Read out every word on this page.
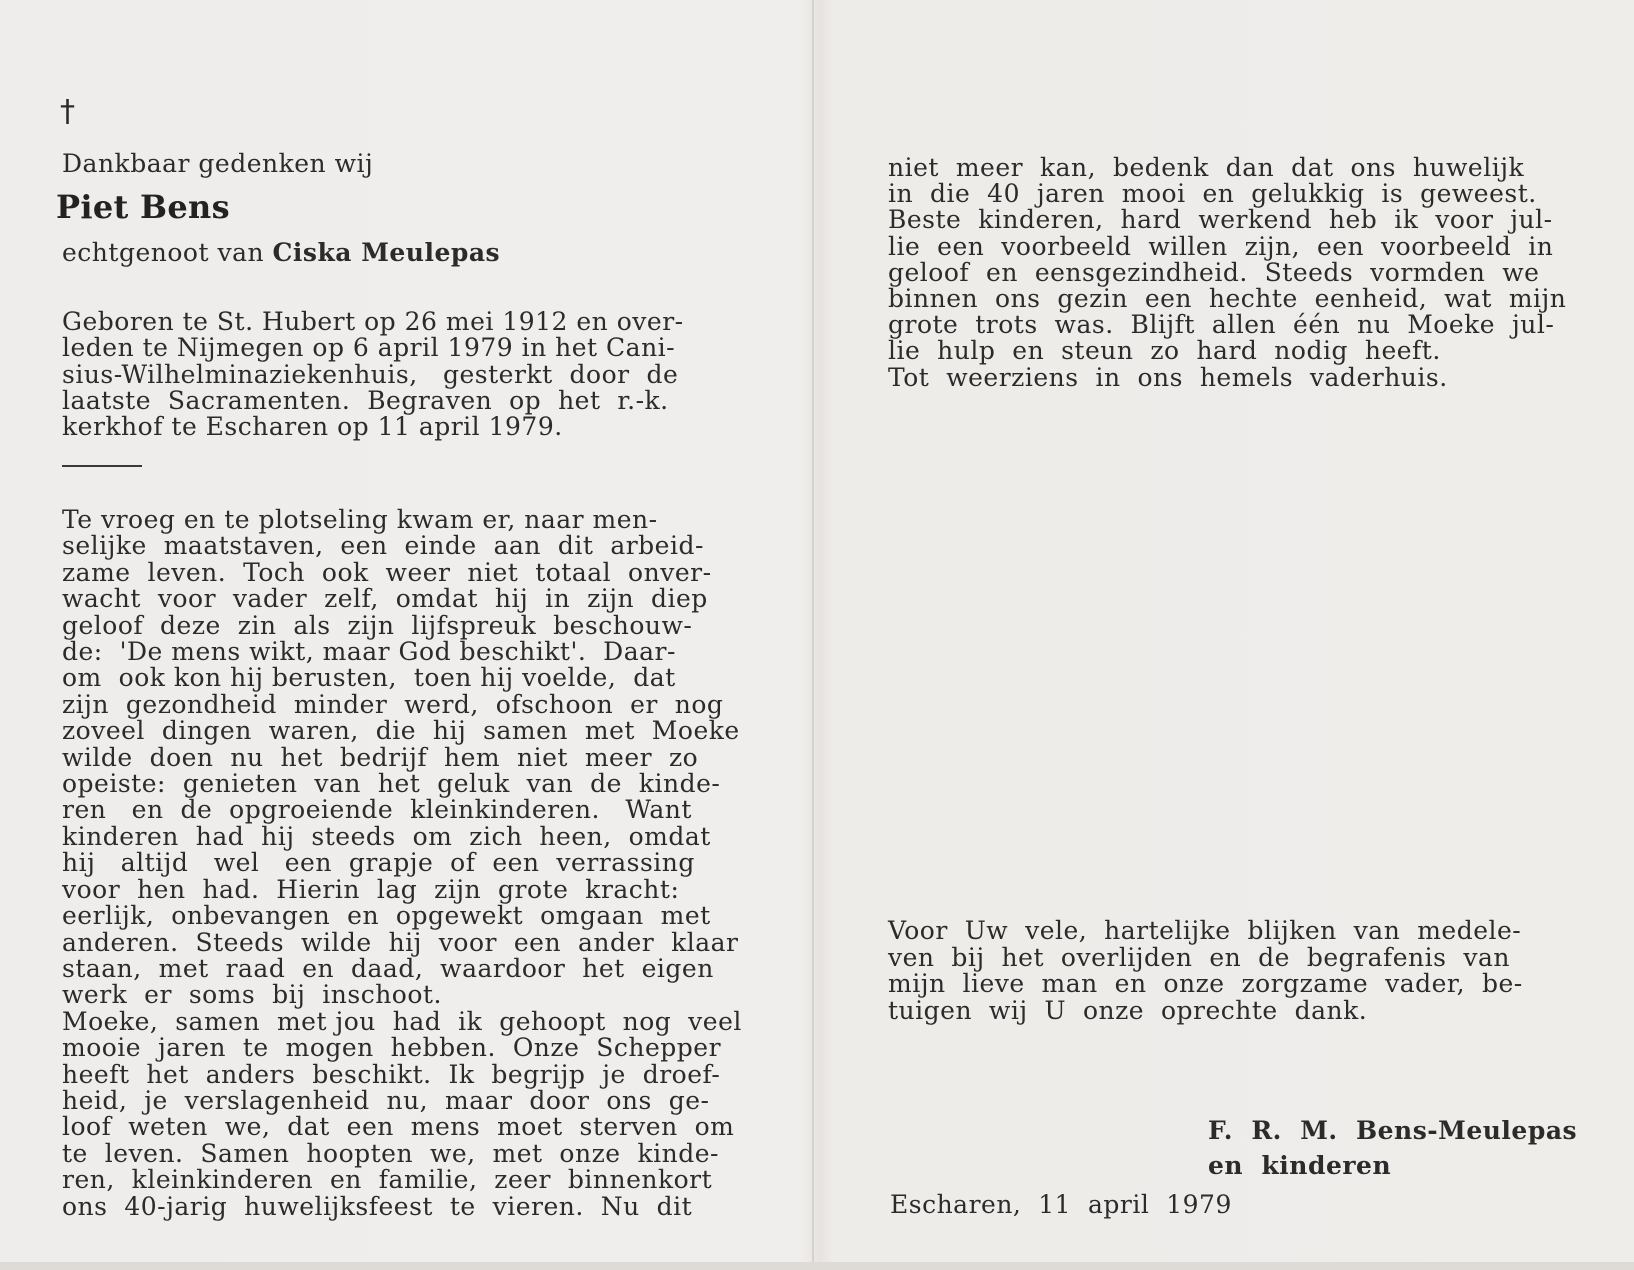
†
Dankbaar gedenken wij
Piet Bens
echtgenoot van Ciska Meulepas

Geboren te St. Hubert op 26 mei 1912 en over-
leden te Nijmegen op 6 april 1979 in het Cani-
sius-Wilhelminaziekenhuis,   gesterkt  door  de
laatste  Sacramenten.  Begraven  op  het  r.-k.
kerkhof te Escharen op 11 april 1979.

Te vroeg en te plotseling kwam er, naar men-
selijke  maatstaven,  een  einde  aan  dit  arbeid-
zame  leven.  Toch  ook  weer  niet  totaal  onver-
wacht  voor  vader  zelf,  omdat  hij  in  zijn  diep
geloof  deze  zin  als  zijn  lijfspreuk  beschouw-
de:  'De mens wikt, maar God beschikt'.  Daar-
om  ook kon hij berusten,  toen hij voelde,  dat
zijn  gezondheid  minder  werd,  ofschoon  er  nog
zoveel  dingen  waren,  die  hij  samen  met  Moeke
wilde  doen  nu  het  bedrijf  hem  niet  meer  zo
opeiste:  genieten  van  het  geluk  van  de  kinde-
ren   en  de  opgroeiende  kleinkinderen.   Want
kinderen  had  hij  steeds  om  zich  heen,  omdat
hij   altijd   wel   een  grapje  of  een  verrassing
voor  hen  had.  Hierin  lag  zijn  grote  kracht:
eerlijk,  onbevangen  en  opgewekt  omgaan  met
anderen.  Steeds  wilde  hij  voor  een  ander  klaar
staan,  met  raad  en  daad,  waardoor  het  eigen
werk  er  soms  bij  inschoot.
Moeke,  samen  met jou  had  ik  gehoopt  nog  veel
mooie  jaren  te  mogen  hebben.  Onze  Schepper
heeft  het  anders  beschikt.  Ik  begrijp  je  droef-
heid,  je  verslagenheid  nu,  maar  door  ons  ge-
loof  weten  we,  dat  een  mens  moet  sterven  om
te  leven.  Samen  hoopten  we,  met  onze  kinde-
ren,  kleinkinderen  en  familie,  zeer  binnenkort
ons  40-jarig  huwelijksfeest  te  vieren.  Nu  dit
niet  meer  kan,  bedenk  dan  dat  ons  huwelijk
in  die  40  jaren  mooi  en  gelukkig  is  geweest.
Beste  kinderen,  hard  werkend  heb  ik  voor  jul-
lie  een  voorbeeld  willen  zijn,  een  voorbeeld  in
geloof  en  eensgezindheid.  Steeds  vormden  we
binnen  ons  gezin  een  hechte  eenheid,  wat  mijn
grote  trots  was.  Blijft  allen  één  nu  Moeke  jul-
lie  hulp  en  steun  zo  hard  nodig  heeft.
Tot  weerziens  in  ons  hemels  vaderhuis.
Voor  Uw  vele,  hartelijke  blijken  van  medele-
ven  bij  het  overlijden  en  de  begrafenis  van
mijn  lieve  man  en  onze  zorgzame  vader,  be-
tuigen  wij  U  onze  oprechte  dank.

F.  R.  M.  Bens-Meulepas
en  kinderen

Escharen,  11  april  1979
